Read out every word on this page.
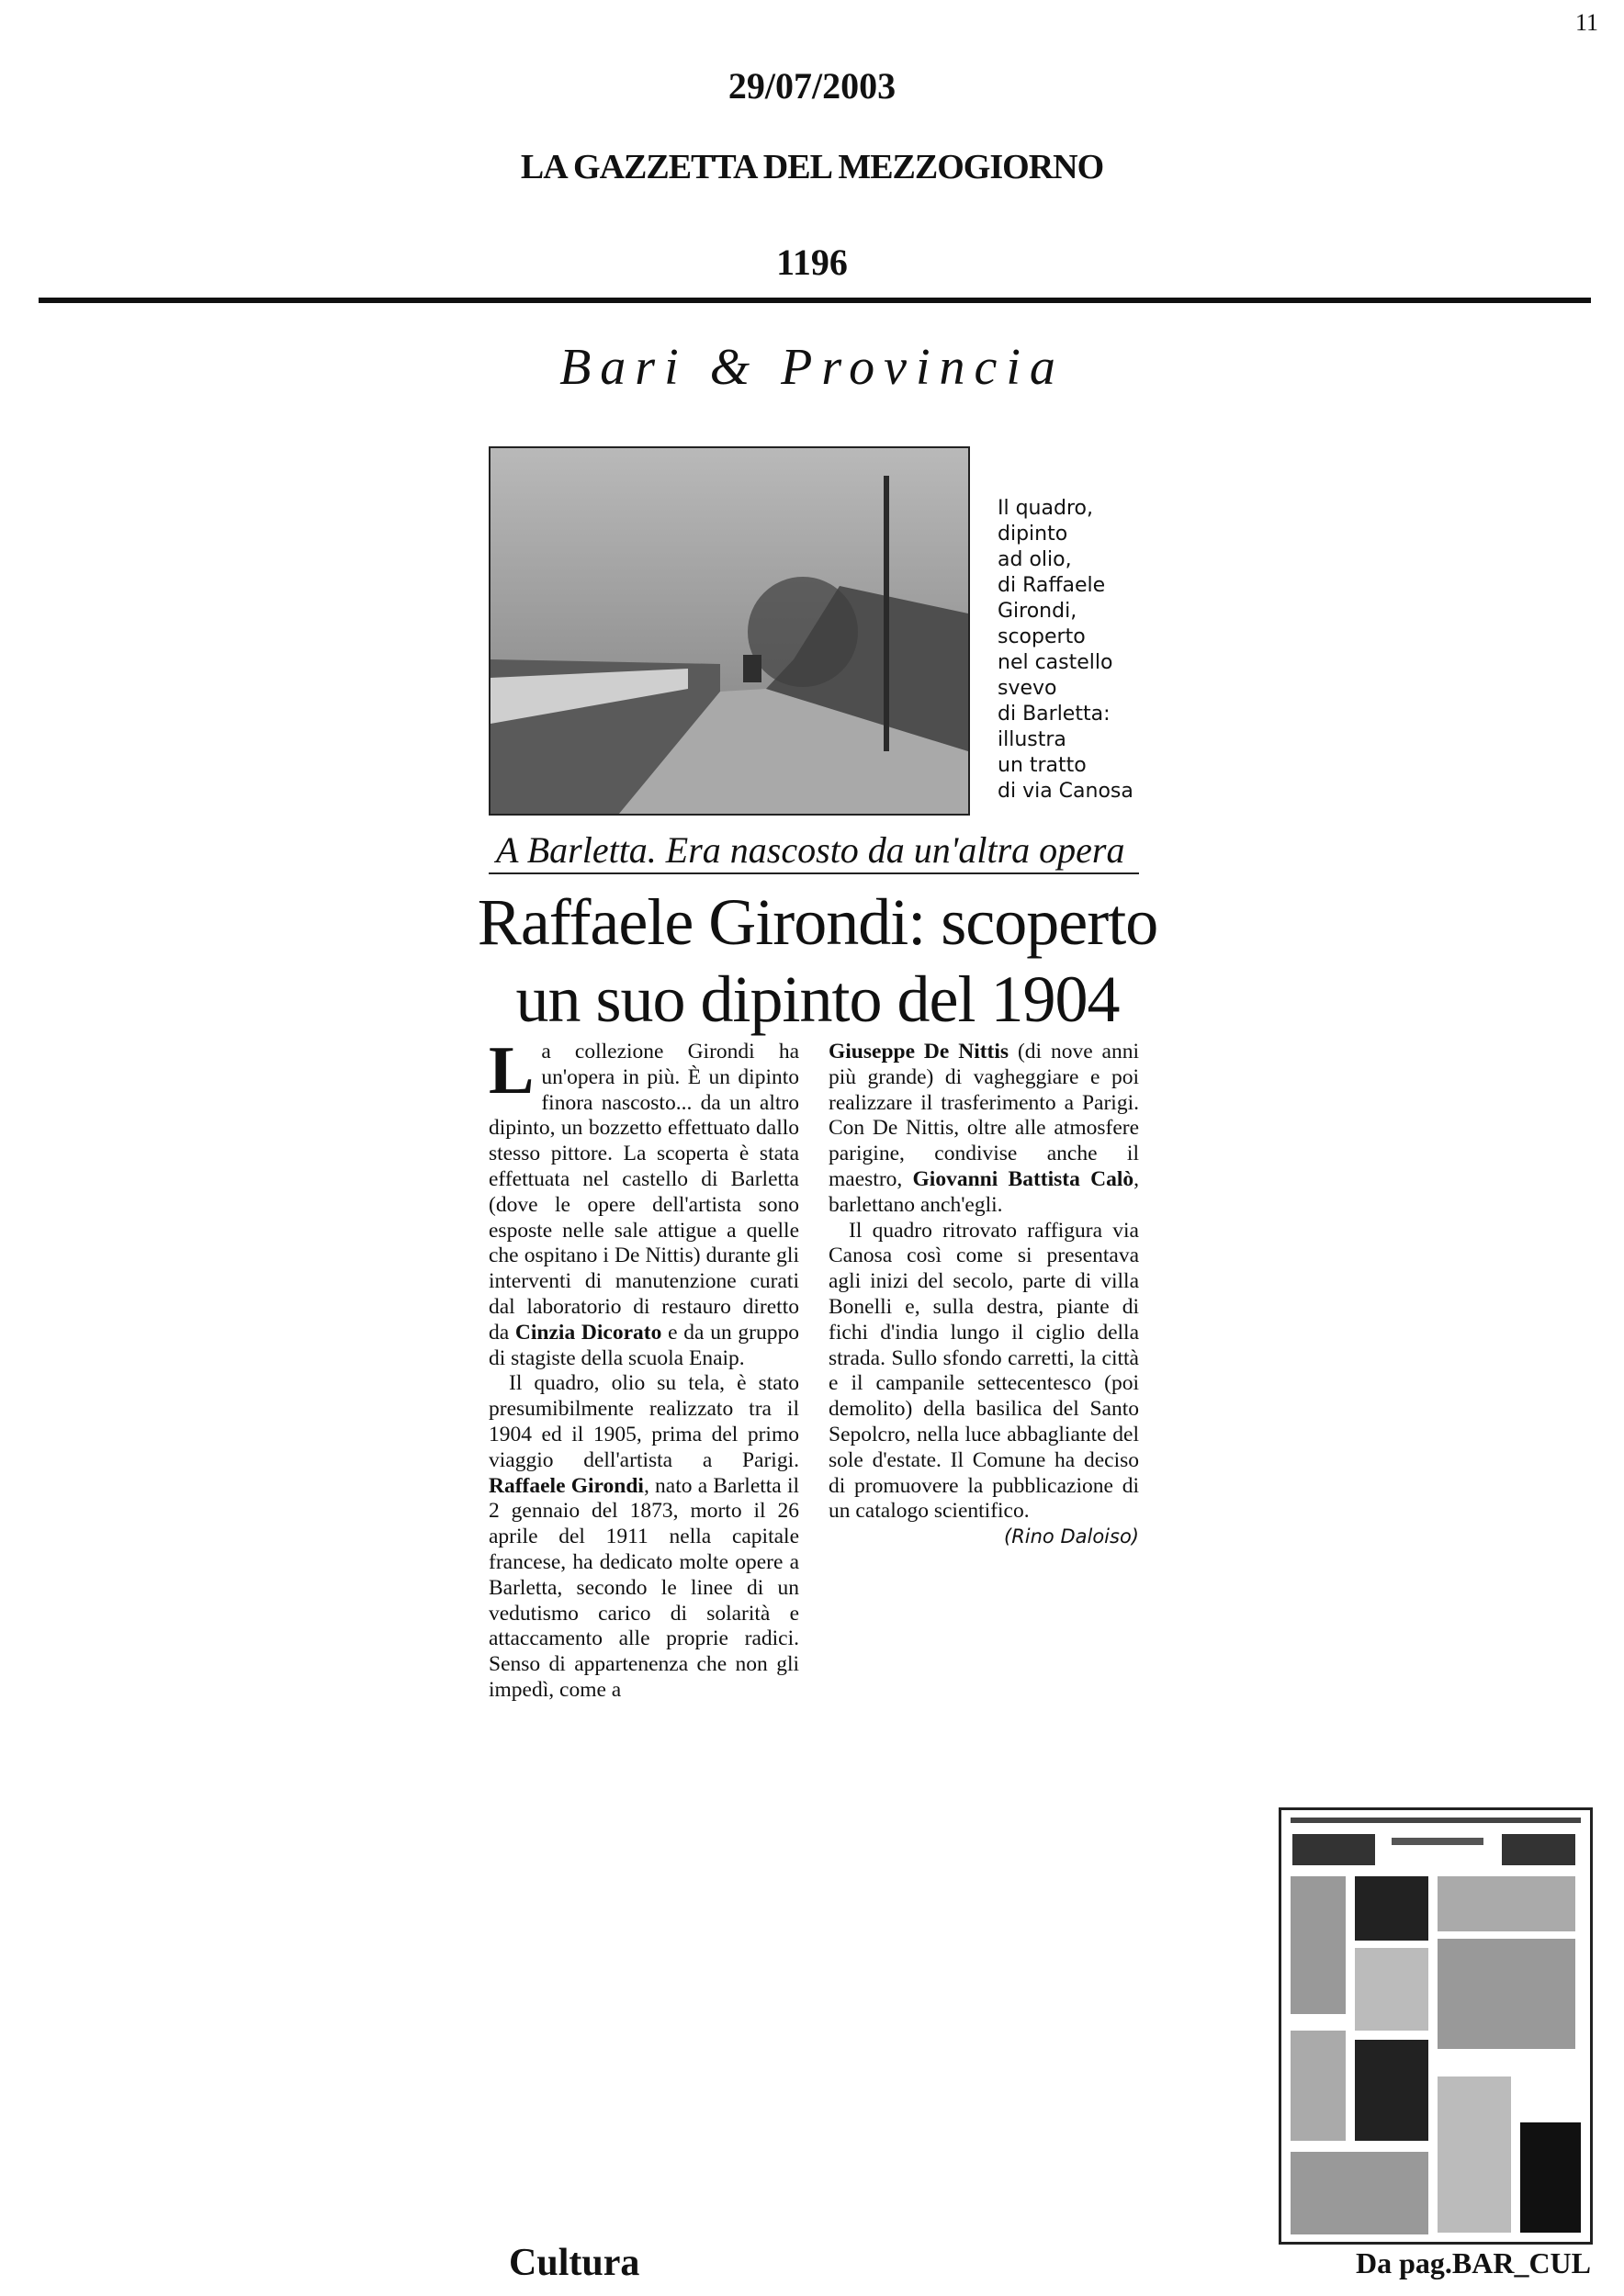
11
29/07/2003
LA GAZZETTA DEL MEZZOGIORNO
1196
Bari & Provincia
Il quadro,
dipinto
ad olio,
di Raffaele
Girondi,
scoperto
nel castello
svevo
di Barletta:
illustra
un tratto
di via Canosa
A Barletta. Era nascosto da un'altra opera
Raffaele Girondi: scoperto
un suo dipinto del 1904

La collezione Girondi ha un'opera in più. È un dipinto finora nascosto... da un altro dipinto, un bozzetto effettuato dallo stesso pittore. La scoperta è stata effettuata nel castello di Barletta (dove le opere dell'artista sono esposte nelle sale attigue a quelle che ospitano i De Nittis) durante gli interventi di manutenzione curati dal laboratorio di restauro diretto da Cinzia Dicorato e da un gruppo di stagiste della scuola Enaip.

Il quadro, olio su tela, è stato presumibilmente realizzato tra il 1904 ed il 1905, prima del primo viaggio dell'artista a Parigi. Raffaele Girondi, nato a Barletta il 2 gennaio del 1873, morto il 26 aprile del 1911 nella capitale francese, ha dedicato molte opere a Barletta, secondo le linee di un vedutismo carico di solarità e attaccamento alle proprie radici. Senso di appartenenza che non gli impedì, come a

Giuseppe De Nittis (di nove anni più grande) di vagheggiare e poi realizzare il trasferimento a Parigi. Con De Nittis, oltre alle atmosfere parigine, condivise anche il maestro, Giovanni Battista Calò, barlettano anch'egli.

Il quadro ritrovato raffigura via Canosa così come si presentava agli inizi del secolo, parte di villa Bonelli e, sulla destra, piante di fichi d'india lungo il ciglio della strada. Sullo sfondo carretti, la città e il campanile settecentesco (poi demolito) della basilica del Santo Sepolcro, nella luce abbagliante del sole d'estate. Il Comune ha deciso di promuovere la pubblicazione di un catalogo scientifico.
(Rino Daloiso)

Cultura	Da pag.BAR_CUL
